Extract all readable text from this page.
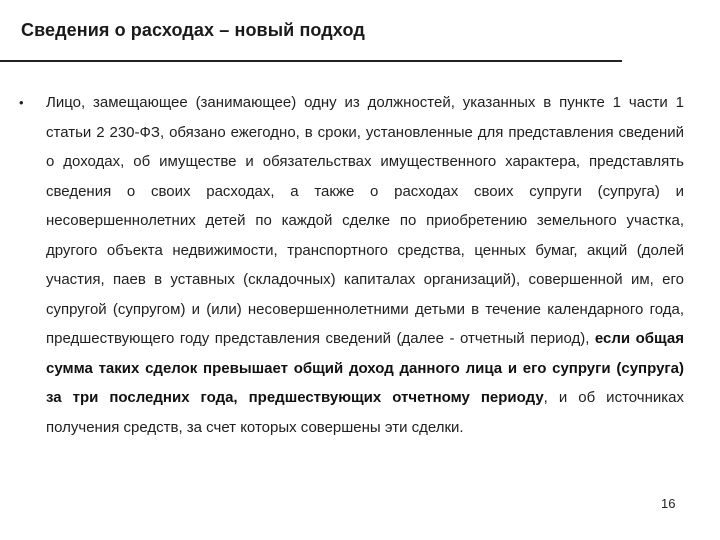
Сведения о расходах – новый подход
• Лицо, замещающее (занимающее) одну из должностей, указанных в пункте 1 части 1 статьи 2 230-ФЗ, обязано ежегодно, в сроки, установленные для представления сведений о доходах, об имуществе и обязательствах имущественного характера, представлять сведения о своих расходах, а также о расходах своих супруги (супруга) и несовершеннолетних детей по каждой сделке по приобретению земельного участка, другого объекта недвижимости, транспортного средства, ценных бумаг, акций (долей участия, паев в уставных (складочных) капиталах организаций), совершенной им, его супругой (супругом) и (или) несовершеннолетними детьми в течение календарного года, предшествующего году представления сведений (далее - отчетный период), если общая сумма таких сделок превышает общий доход данного лица и его супруги (супруга) за три последних года, предшествующих отчетному периоду, и об источниках получения средств, за счет которых совершены эти сделки.

16
